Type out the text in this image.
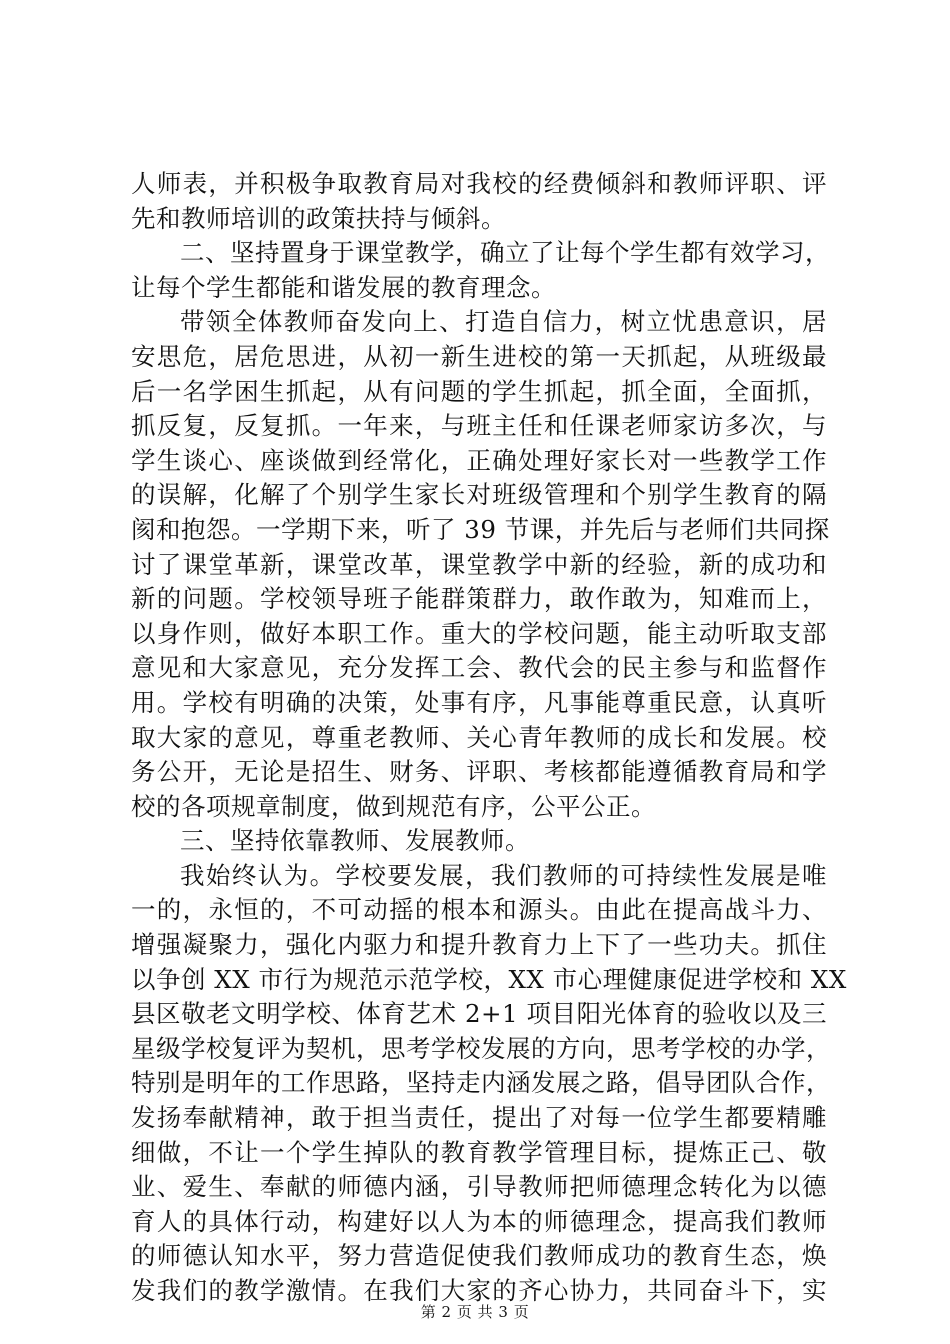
人师表，并积极争取教育局对我校的经费倾斜和教师评职、评
先和教师培训的政策扶持与倾斜。
二、坚持置身于课堂教学，确立了让每个学生都有效学习，
让每个学生都能和谐发展的教育理念。
带领全体教师奋发向上、打造自信力，树立忧患意识，居
安思危，居危思进，从初一新生进校的第一天抓起，从班级最
后一名学困生抓起，从有问题的学生抓起，抓全面，全面抓，
抓反复，反复抓。一年来，与班主任和任课老师家访多次，与
学生谈心、座谈做到经常化，正确处理好家长对一些教学工作
的误解，化解了个别学生家长对班级管理和个别学生教育的隔
阂和抱怨。一学期下来，听了 39 节课，并先后与老师们共同探
讨了课堂革新，课堂改革，课堂教学中新的经验，新的成功和
新的问题。学校领导班子能群策群力，敢作敢为，知难而上，
以身作则，做好本职工作。重大的学校问题，能主动听取支部
意见和大家意见，充分发挥工会、教代会的民主参与和监督作
用。学校有明确的决策，处事有序，凡事能尊重民意，认真听
取大家的意见，尊重老教师、关心青年教师的成长和发展。校
务公开，无论是招生、财务、评职、考核都能遵循教育局和学
校的各项规章制度，做到规范有序，公平公正。
三、坚持依靠教师、发展教师。
我始终认为。学校要发展，我们教师的可持续性发展是唯
一的，永恒的，不可动摇的根本和源头。由此在提高战斗力、
增强凝聚力，强化内驱力和提升教育力上下了一些功夫。抓住
以争创 XX 市行为规范示范学校，XX 市心理健康促进学校和 XX
县区敬老文明学校、体育艺术 2+1 项目阳光体育的验收以及三
星级学校复评为契机，思考学校发展的方向，思考学校的办学，
特别是明年的工作思路，坚持走内涵发展之路，倡导团队合作，
发扬奉献精神，敢于担当责任，提出了对每一位学生都要精雕
细做，不让一个学生掉队的教育教学管理目标，提炼正己、敬
业、爱生、奉献的师德内涵，引导教师把师德理念转化为以德
育人的具体行动，构建好以人为本的师德理念，提高我们教师
的师德认知水平，努力营造促使我们教师成功的教育生态，焕
发我们的教学激情。在我们大家的齐心协力，共同奋斗下，实
第 2 页 共 3 页
